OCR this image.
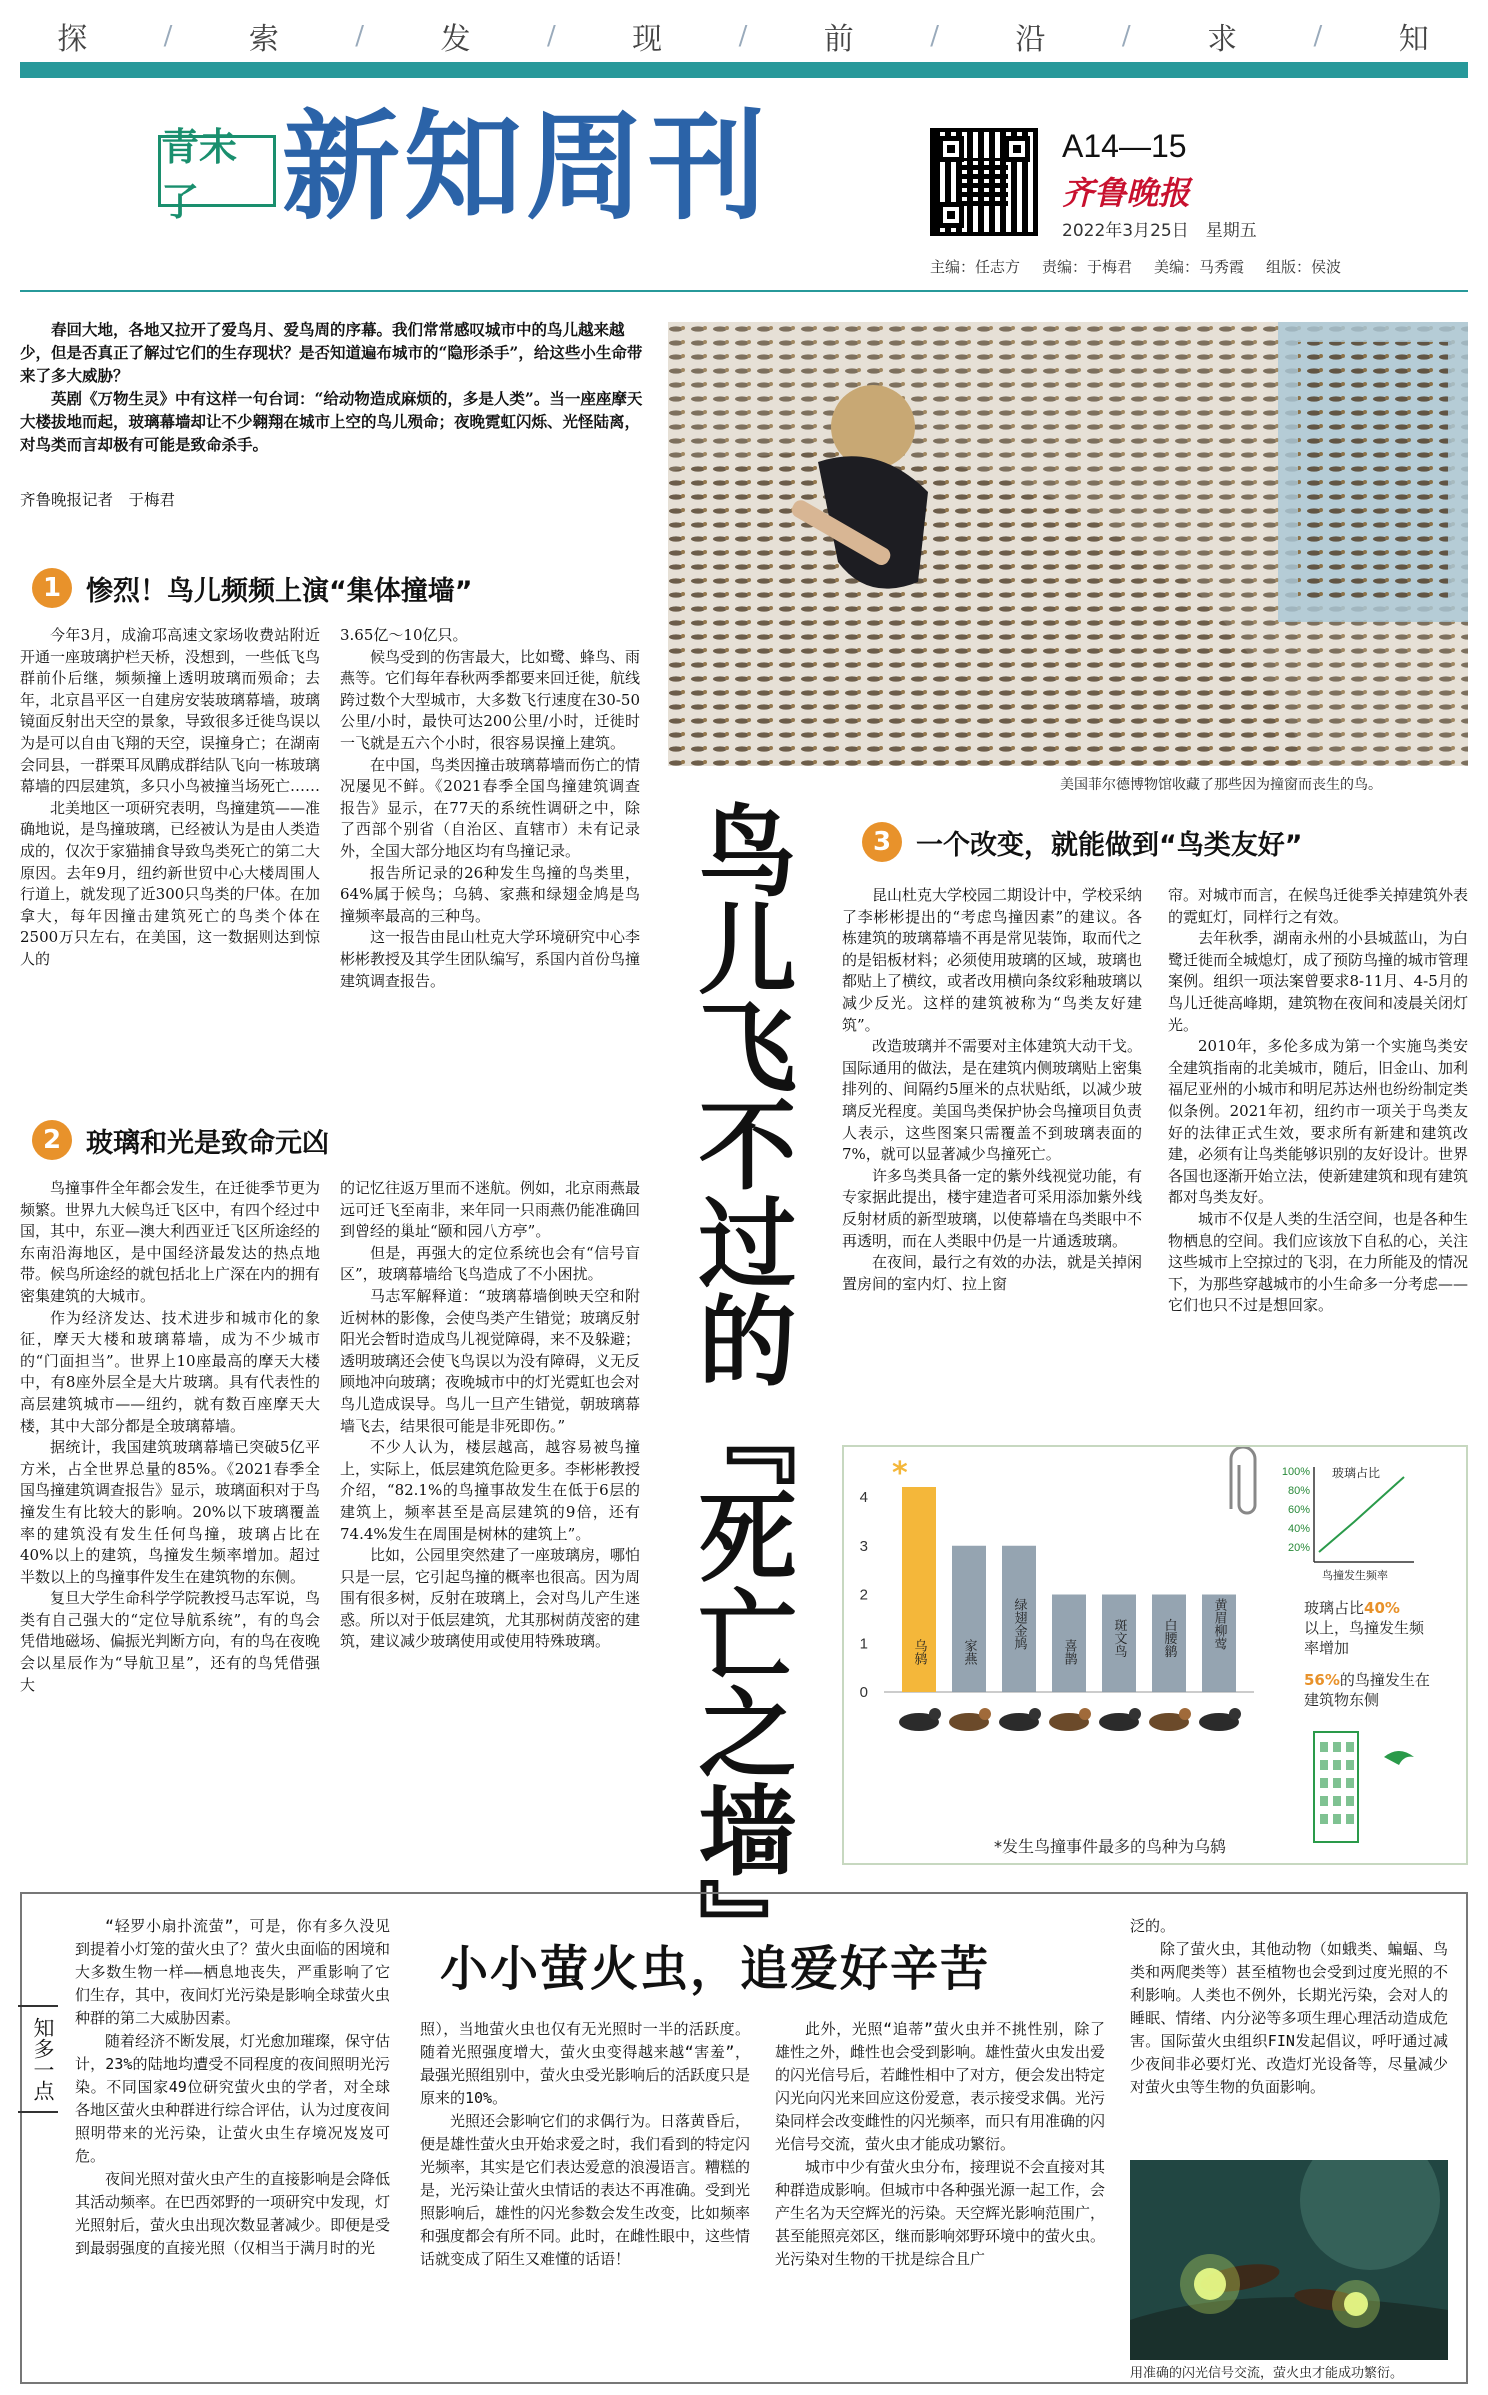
探	/ 索	/ 发	/ 现	/ 前	/ 沿	/ 求	/ 知
青未了 新知周刊	A14—15
齐鲁晚报
2022年3月25日　星期五
主编：任志方 责编：于梅君 美编：马秀霞 组版：侯波

春回大地，各地又拉开了爱鸟月、爱鸟周的序幕。我们常常感叹城市中的鸟儿越来越少，但是否真正了解过它们的生存现状？是否知道遍布城市的“隐形杀手”，给这些小生命带来了多大威胁？

英剧《万物生灵》中有这样一句台词：“给动物造成麻烦的，多是人类”。当一座座摩天大楼拔地而起，玻璃幕墙却让不少翱翔在城市上空的鸟儿殒命；夜晚霓虹闪烁、光怪陆离，对鸟类而言却极有可能是致命杀手。

齐鲁晚报记者　于梅君
美国菲尔德博物馆收藏了那些因为撞窗而丧生的鸟。
1 惨烈！鸟儿频频上演“集体撞墙”

今年3月，成渝邛高速文家场收费站附近开通一座玻璃护栏天桥，没想到，一些低飞鸟群前仆后继，频频撞上透明玻璃而殒命；去年，北京昌平区一自建房安装玻璃幕墙，玻璃镜面反射出天空的景象，导致很多迁徙鸟误以为是可以自由飞翔的天空，误撞身亡；在湖南会同县，一群栗耳凤鹛成群结队飞向一栋玻璃幕墙的四层建筑，多只小鸟被撞当场死亡……

北美地区一项研究表明，鸟撞建筑——准确地说，是鸟撞玻璃，已经被认为是由人类造成的，仅次于家猫捕食导致鸟类死亡的第二大原因。去年9月，纽约新世贸中心大楼周围人行道上，就发现了近300只鸟类的尸体。在加拿大，每年因撞击建筑死亡的鸟类个体在2500万只左右，在美国，这一数据则达到惊人的

3.65亿～10亿只。

候鸟受到的伤害最大，比如鹭、蜂鸟、雨燕等。它们每年春秋两季都要来回迁徙，航线跨过数个大型城市，大多数飞行速度在30-50公里/小时，最快可达200公里/小时，迁徙时一飞就是五六个小时，很容易误撞上建筑。

在中国，鸟类因撞击玻璃幕墙而伤亡的情况屡见不鲜。《2021春季全国鸟撞建筑调查报告》显示，在77天的系统性调研之中，除了西部个别省（自治区、直辖市）未有记录外，全国大部分地区均有鸟撞记录。

报告所记录的26种发生鸟撞的鸟类里，64%属于候鸟；乌鸫、家燕和绿翅金鸠是鸟撞频率最高的三种鸟。

这一报告由昆山杜克大学环境研究中心李彬彬教授及其学生团队编写，系国内首份鸟撞建筑调查报告。

2 玻璃和光是致命元凶

鸟撞事件全年都会发生，在迁徙季节更为频繁。世界九大候鸟迁飞区中，有四个经过中国，其中，东亚—澳大利西亚迁飞区所途经的东南沿海地区，是中国经济最发达的热点地带。候鸟所途经的就包括北上广深在内的拥有密集建筑的大城市。

作为经济发达、技术进步和城市化的象征，摩天大楼和玻璃幕墙，成为不少城市的“门面担当”。世界上10座最高的摩天大楼中，有8座外层全是大片玻璃。具有代表性的高层建筑城市——纽约，就有数百座摩天大楼，其中大部分都是全玻璃幕墙。

据统计，我国建筑玻璃幕墙已突破5亿平方米，占全世界总量的85%。《2021春季全国鸟撞建筑调查报告》显示，玻璃面积对于鸟撞发生有比较大的影响。20%以下玻璃覆盖率的建筑没有发生任何鸟撞，玻璃占比在40%以上的建筑，鸟撞发生频率增加。超过半数以上的鸟撞事件发生在建筑物的东侧。

复旦大学生命科学学院教授马志军说，鸟类有自己强大的“定位导航系统”，有的鸟会凭借地磁场、偏振光判断方向，有的鸟在夜晚会以星辰作为“导航卫星”，还有的鸟凭借强大

的记忆往返万里而不迷航。例如，北京雨燕最远可迁飞至南非，来年同一只雨燕仍能准确回到曾经的巢址“颐和园八方亭”。

但是，再强大的定位系统也会有“信号盲区”，玻璃幕墙给飞鸟造成了不小困扰。

马志军解释道：“玻璃幕墙倒映天空和附近树林的影像，会使鸟类产生错觉；玻璃反射阳光会暂时造成鸟儿视觉障碍，来不及躲避；透明玻璃还会使飞鸟误以为没有障碍，义无反顾地冲向玻璃；夜晚城市中的灯光霓虹也会对鸟儿造成误导。鸟儿一旦产生错觉，朝玻璃幕墙飞去，结果很可能是非死即伤。”

不少人认为，楼层越高，越容易被鸟撞上，实际上，低层建筑危险更多。李彬彬教授介绍，“82.1%的鸟撞事故发生在低于6层的建筑上，频率甚至是高层建筑的9倍，还有74.4%发生在周围是树林的建筑上”。

比如，公园里突然建了一座玻璃房，哪怕只是一层，它引起鸟撞的概率也很高。因为周围有很多树，反射在玻璃上，会对鸟儿产生迷惑。所以对于低层建筑，尤其那树荫茂密的建筑，建议减少玻璃使用或使用特殊玻璃。 鸟儿飞不过的『死亡之墙』	3 一个改变，就能做到“鸟类友好”

昆山杜克大学校园二期设计中，学校采纳了李彬彬提出的“考虑鸟撞因素”的建议。各栋建筑的玻璃幕墙不再是常见装饰，取而代之的是铝板材料；必须使用玻璃的区域，玻璃也都贴上了横纹，或者改用横向条纹彩釉玻璃以减少反光。这样的建筑被称为“鸟类友好建筑”。

改造玻璃并不需要对主体建筑大动干戈。国际通用的做法，是在建筑内侧玻璃贴上密集排列的、间隔约5厘米的点状贴纸，以减少玻璃反光程度。美国鸟类保护协会鸟撞项目负责人表示，这些图案只需覆盖不到玻璃表面的7%，就可以显著减少鸟撞死亡。

许多鸟类具备一定的紫外线视觉功能，有专家据此提出，楼宇建造者可采用添加紫外线反射材质的新型玻璃，以使幕墙在鸟类眼中不再透明，而在人类眼中仍是一片通透玻璃。

在夜间，最行之有效的办法，就是关掉闲置房间的室内灯、拉上窗

帘。对城市而言，在候鸟迁徙季关掉建筑外表的霓虹灯，同样行之有效。

去年秋季，湖南永州的小县城蓝山，为白鹭迁徙而全城熄灯，成了预防鸟撞的城市管理案例。组织一项法案曾要求8-11月、4-5月的鸟儿迁徙高峰期，建筑物在夜间和凌晨关闭灯光。

2010年，多伦多成为第一个实施鸟类安全建筑指南的北美城市，随后，旧金山、加利福尼亚州的小城市和明尼苏达州也纷纷制定类似条例。2021年初，纽约市一项关于鸟类友好的法律正式生效，要求所有新建和建筑改建，必须有让鸟类能够识别的友好设计。世界各国也逐渐开始立法，使新建建筑和现有建筑都对鸟类友好。

城市不仅是人类的生活空间，也是各种生物栖息的空间。我们应该放下自私的心，关注这些城市上空掠过的飞羽，在力所能及的情况下，为那些穿越城市的小生命多一分考虑——它们也只不过是想回家。

0
1
2
3
4
乌鸫	家燕
绿翅金鸠
喜鹊	斑文鸟	白腰鹟	黄眉柳莺
*	100%
80%
60%
40%
20%
玻璃占比
鸟撞发生频率
玻璃占比40%
以上，鸟撞发生频
率增加
56%的鸟撞发生在
建筑物东侧
*发生鸟撞事件最多的鸟种为乌鸫
知多一点
小小萤火虫，追爱好辛苦

“轻罗小扇扑流萤”，可是，你有多久没见到提着小灯笼的萤火虫了？萤火虫面临的困境和大多数生物一样——栖息地丧失，严重影响了它们生存，其中，夜间灯光污染是影响全球萤火虫种群的第二大威胁因素。

随着经济不断发展，灯光愈加璀璨，保守估计，23%的陆地均遭受不同程度的夜间照明光污染。不同国家49位研究萤火虫的学者，对全球各地区萤火虫种群进行综合评估，认为过度夜间照明带来的光污染，让萤火虫生存境况岌岌可危。

夜间光照对萤火虫产生的直接影响是会降低其活动频率。在巴西郊野的一项研究中发现，灯光照射后，萤火虫出现次数显著减少。即便是受到最弱强度的直接光照（仅相当于满月时的光

照），当地萤火虫也仅有无光照时一半的活跃度。随着光照强度增大，萤火虫变得越来越“害羞”，最强光照组别中，萤火虫受光影响后的活跃度只是原来的10%。

光照还会影响它们的求偶行为。日落黄昏后，便是雄性萤火虫开始求爱之时，我们看到的特定闪光频率，其实是它们表达爱意的浪漫语言。糟糕的是，光污染让萤火虫情话的表达不再准确。受到光照影响后，雄性的闪光参数会发生改变，比如频率和强度都会有所不同。此时，在雌性眼中，这些情话就变成了陌生又难懂的话语！

此外，光照“追蒂”萤火虫并不挑性别，除了雄性之外，雌性也会受到影响。雄性萤火虫发出爱的闪光信号后，若雌性相中了对方，便会发出特定闪光向闪光来回应这份爱意，表示接受求偶。光污染同样会改变雌性的闪光频率，而只有用准确的闪光信号交流，萤火虫才能成功繁衍。

城市中少有萤火虫分布，接理说不会直接对其种群造成影响。但城市中各种强光源一起工作，会产生名为天空辉光的污染。天空辉光影响范围广，甚至能照亮郊区，继而影响郊野环境中的萤火虫。光污染对生物的干扰是综合且广

泛的。

除了萤火虫，其他动物（如蛾类、蝙蝠、鸟类和两爬类等）甚至植物也会受到过度光照的不利影响。人类也不例外，长期光污染，会对人的睡眠、情绪、内分泌等多项生理心理活动造成危害。国际萤火虫组织FIN发起倡议，呼吁通过减少夜间非必要灯光、改造灯光设备等，尽量减少对萤火虫等生物的负面影响。

用准确的闪光信号交流，萤火虫才能成功繁衍。
